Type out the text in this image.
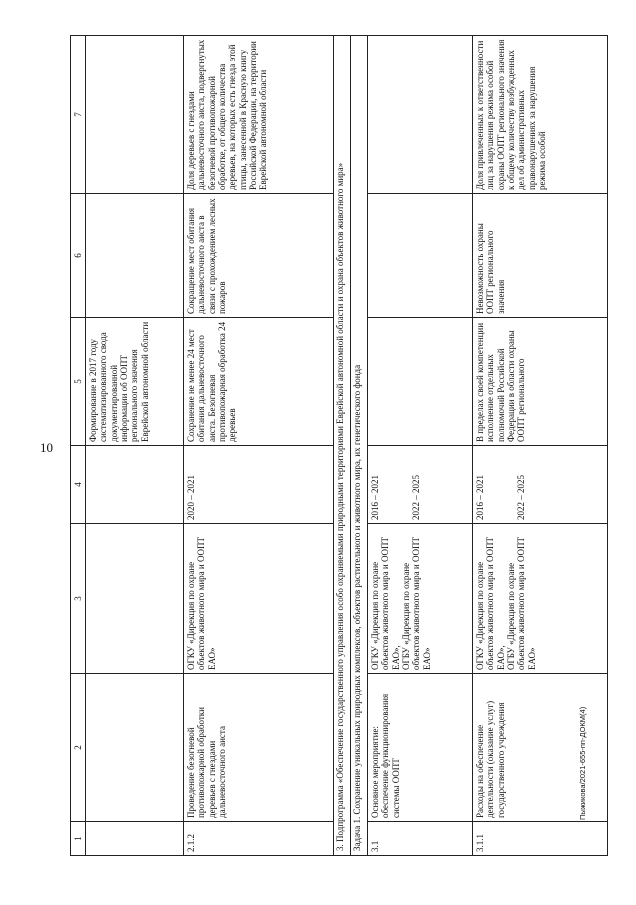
10
Пыжикова/2021-655-пп-ДОКМ(4)
1	2	3	4	5	6	7
				Формирование в 2017 году систематизированного свода документированной информации об ООПТ регионального значения Еврейской автономной области		
2.1.2	Проведение безогневой противопожарной обработки деревьев с гнездами дальневосточного аиста	ОГКУ «Дирекция по охране объектов животного мира и ООПТ ЕАО»	2020 – 2021	Сохранение не менее 24 мест обитания дальневосточного аиста. Безогневая противопожарная обработка 24 деревьев	Сокращение мест обитания дальневосточного аиста в связи с прохождением лесных пожаров	Доля деревьев с гнездами дальневосточного аиста, подвергнутых безогневой противопожарной обработке, от общего количества деревьев, на которых есть гнезда этой птицы, занесенной в Красную книгу Российской Федерации, на территории Еврейской автономной области
3. Подпрограмма «Обеспечение государственного управления особо охраняемыми природными территориями Еврейской автономной области и охрана объектов животного мира»						
Задача 1. Сохранение уникальных природных комплексов, объектов растительного и животного мира, их генетического фонда						
3.1	Основное мероприятие: обеспечение функционирования системы ООПТ	ОГКУ «Дирекция по охране объектов животного мира и ООПТ ЕАО»,
ОГБУ «Дирекция по охране объектов животного мира и ООПТ ЕАО»	2016 – 2021

2022 – 2025			
3.1.1	Расходы на обеспечение деятельности (оказание услуг) государственного учреждения	ОГКУ «Дирекция по охране объектов животного мира и ООПТ ЕАО»,
ОГБУ «Дирекция по охране объектов животного мира и ООПТ ЕАО»	2016 – 2021

2022 – 2025	В пределах своей компетенции исполнение отдельных полномочий Российской Федерации в области охраны ООПТ регионального	Невозможность охраны ООПТ регионального значения	Доля привлеченных к ответственности лиц за нарушения режима особой охраны ООПТ регионального значения к общему количеству возбужденных дел об административных правонарушениях за нарушения режима особой
